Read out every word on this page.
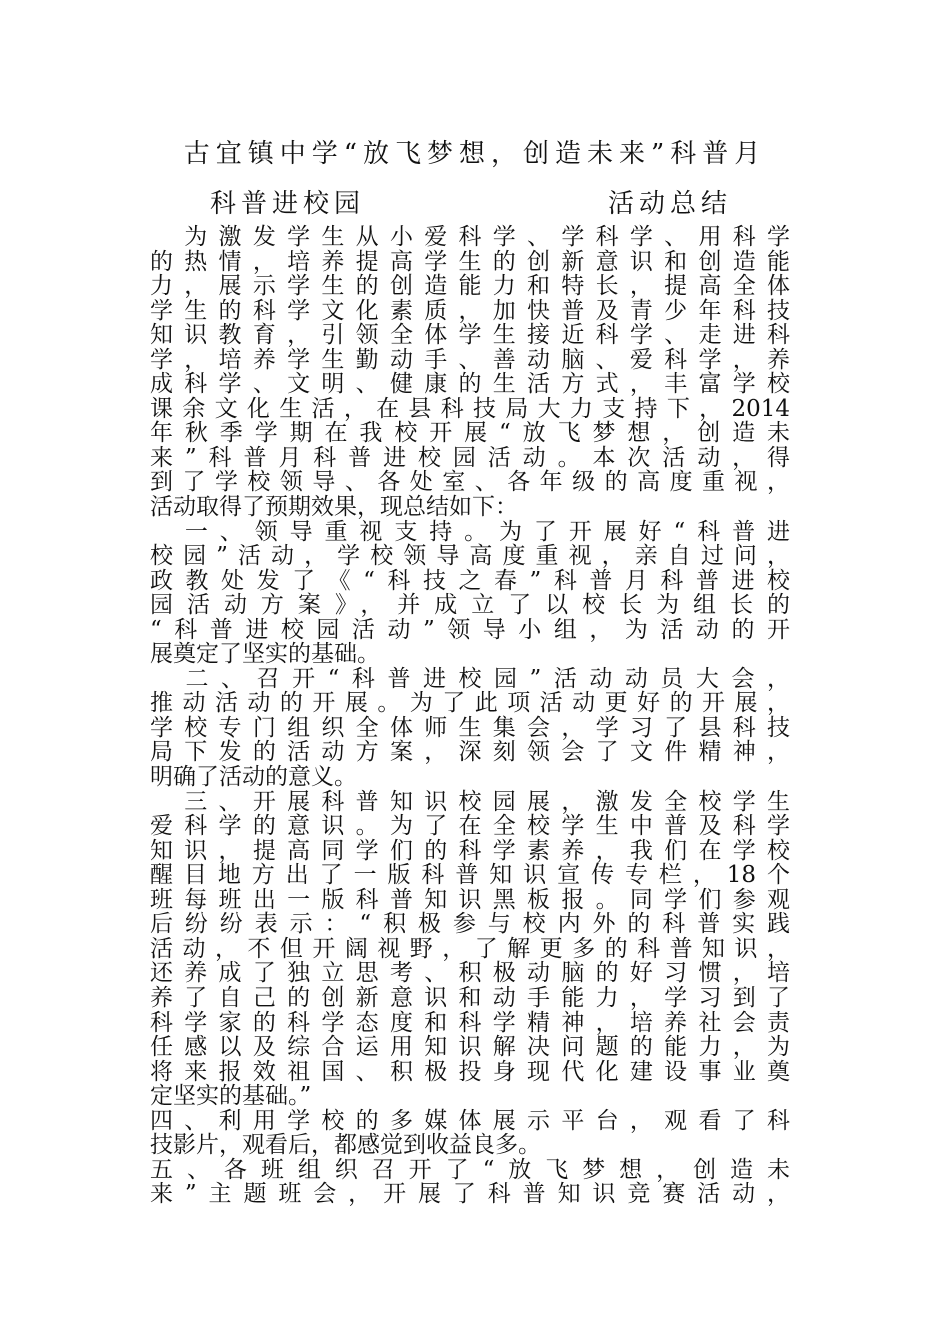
古宜镇中学“放飞梦想，创造未来”科普月
科普进校园	活动总结
　为激发学生从小爱科学、学科学、用科学
的热情，培养提高学生的创新意识和创造能
力，展示学生的创造能力和特长，提高全体
学生的科学文化素质，加快普及青少年科技
知识教育，引领全体学生接近科学、走进科
学，培养学生勤动手、善动脑、爱科学，养
成科学、文明、健康的生活方式，丰富学校
课余文化生活，在县科技局大力支持下，2014
年秋季学期在我校开展“放飞梦想，创造未
来”科普月科普进校园活动。本次活动，得
到了学校领导、各处室、各年级的高度重视，
活动取得了预期效果，现总结如下：
　一、领导重视支持。为了开展好“科普进
校园”活动，学校领导高度重视，亲自过问，
政教处发了《“科技之春”科普月科普进校
园活动方案》，并成立了以校长为组长的
“科普进校园活动”领导小组，为活动的开
展奠定了坚实的基础。
　二、召开“科普进校园”活动动员大会，
推动活动的开展。为了此项活动更好的开展，
学校专门组织全体师生集会，学习了县科技
局下发的活动方案，深刻领会了文件精神，
明确了活动的意义。
　三、开展科普知识校园展，激发全校学生
爱科学的意识。为了在全校学生中普及科学
知识，提高同学们的科学素养，我们在学校
醒目地方出了一版科普知识宣传专栏，18个
班每班出一版科普知识黑板报。同学们参观
后纷纷表示：“积极参与校内外的科普实践
活动，不但开阔视野，了解更多的科普知识，
还养成了独立思考、积极动脑的好习惯，培
养了自己的创新意识和动手能力，学习到了
科学家的科学态度和科学精神，培养社会责
任感以及综合运用知识解决问题的能力，为
将来报效祖国、积极投身现代化建设事业奠
定坚实的基础。”
四、利用学校的多媒体展示平台，观看了科
技影片，观看后，都感觉到收益良多。
五、各班组织召开了“放飞梦想，创造未
来”主题班会，开展了科普知识竞赛活动，
